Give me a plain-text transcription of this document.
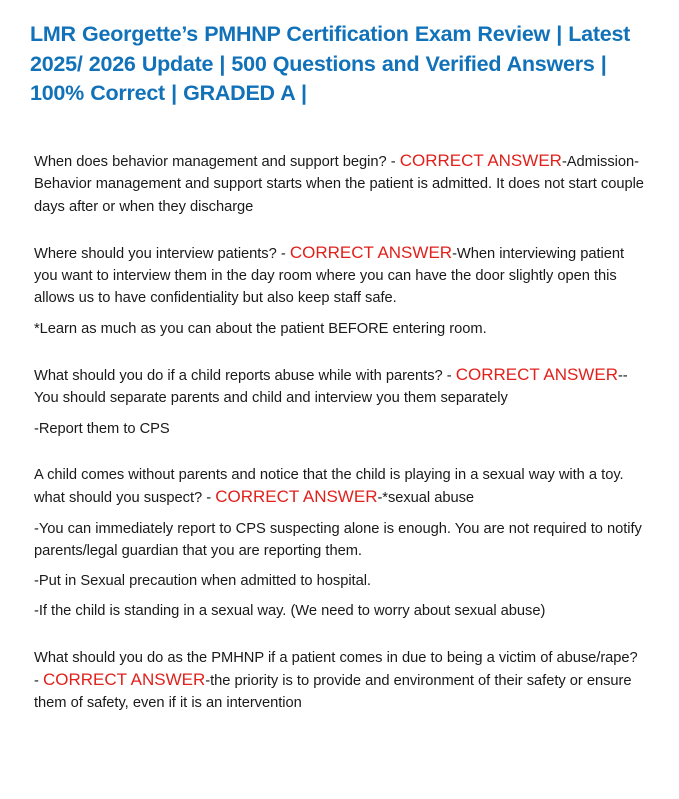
LMR Georgette’s PMHNP Certification Exam Review | Latest 2025/ 2026 Update | 500 Questions and Verified Answers | 100% Correct | GRADED A |

When does behavior management and support begin? - CORRECT ANSWER-Admission-Behavior management and support starts when the patient is admitted. It does not start couple days after or when they discharge

Where should you interview patients? - CORRECT ANSWER-When interviewing patient you want to interview them in the day room where you can have the door slightly open this allows us to have confidentiality but also keep staff safe.

*Learn as much as you can about the patient BEFORE entering room.

What should you do if a child reports abuse while with parents? - CORRECT ANSWER--You should separate parents and child and interview you them separately

-Report them to CPS

A child comes without parents and notice that the child is playing in a sexual way with a toy. what should you suspect? - CORRECT ANSWER-*sexual abuse

-You can immediately report to CPS suspecting alone is enough. You are not required to notify parents/legal guardian that you are reporting them.

-Put in Sexual precaution when admitted to hospital.

-If the child is standing in a sexual way. (We need to worry about sexual abuse)

What should you do as the PMHNP if a patient comes in due to being a victim of abuse/rape? - CORRECT ANSWER-the priority is to provide and environment of their safety or ensure them of safety, even if it is an intervention
